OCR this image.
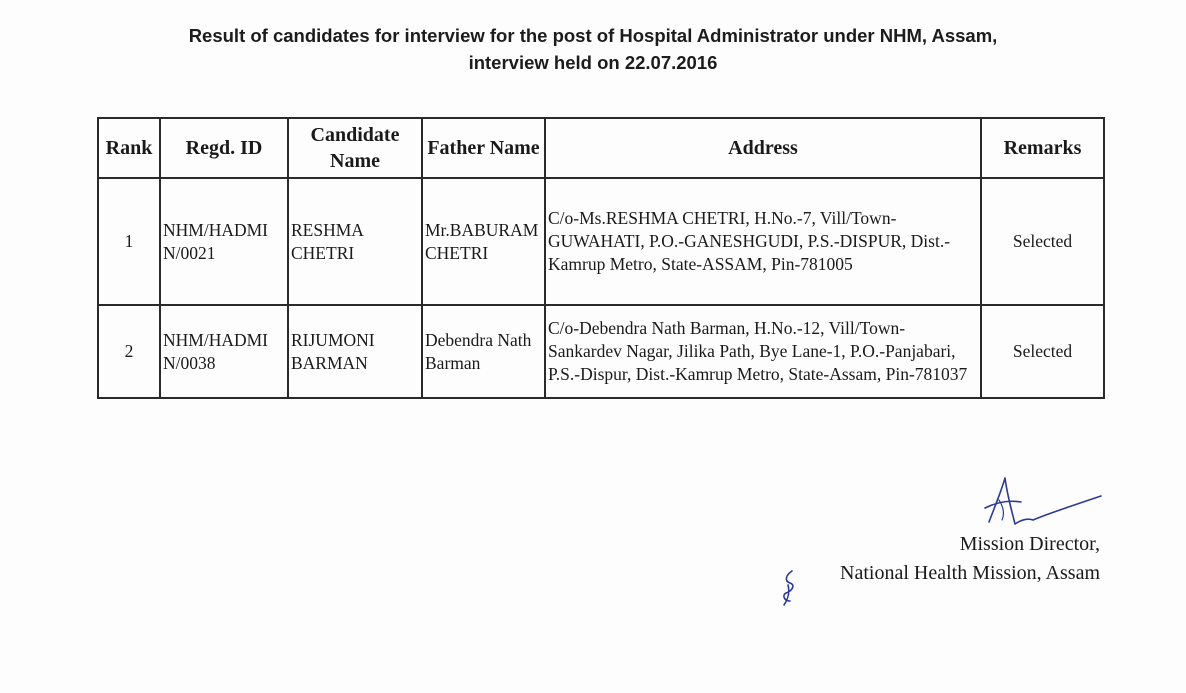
Result of candidates for interview for the post of Hospital Administrator under NHM, Assam,
interview held on 22.07.2016
Rank	Regd. ID	Candidate Name	Father Name	Address	Remarks
1	NHM/HADMIN/0021	RESHMA CHETRI	Mr.BABURAM CHETRI	C/o-Ms.RESHMA CHETRI, H.No.-7, Vill/Town-GUWAHATI, P.O.-GANESHGUDI, P.S.-DISPUR, Dist.-Kamrup Metro, State-ASSAM, Pin-781005	Selected
2	NHM/HADMIN/0038	RIJUMONI BARMAN	Debendra Nath Barman	C/o-Debendra Nath Barman, H.No.-12, Vill/Town-Sankardev Nagar, Jilika Path, Bye Lane-1, P.O.-Panjabari, P.S.-Dispur, Dist.-Kamrup Metro, State-Assam, Pin-781037	Selected
Mission Director,
National Health Mission, Assam
